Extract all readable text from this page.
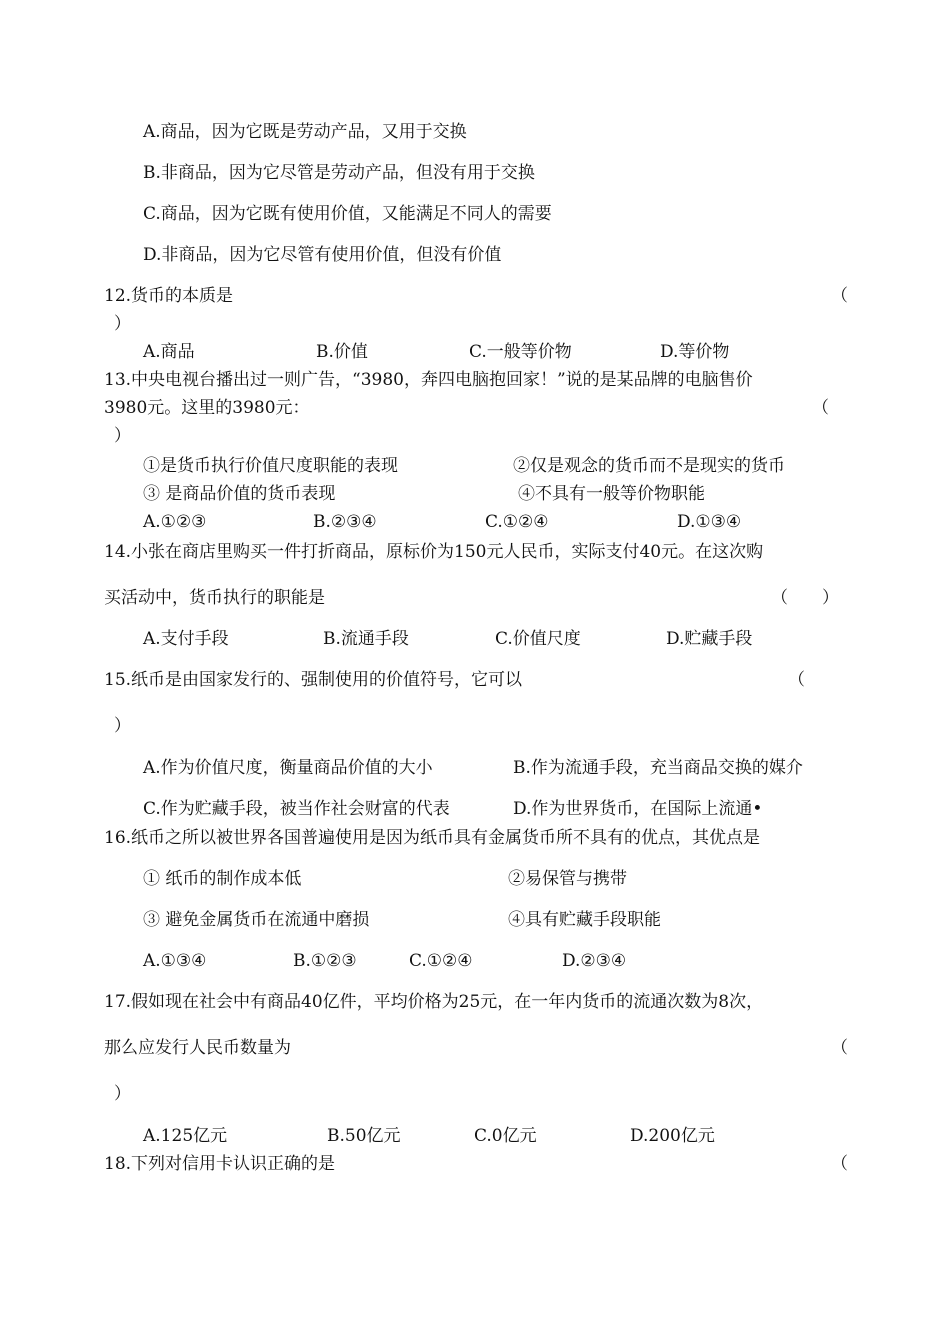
A.商品，因为它既是劳动产品，又用于交换
B.非商品，因为它尽管是劳动产品，但没有用于交换
C.商品，因为它既有使用价值，又能满足不同人的需要
D.非商品，因为它尽管有使用价值，但没有价值
12.货币的本质是	（
）
A.商品	B.价值	C.一般等价物	D.等价物
13.中央电视台播出过一则广告，“3980，奔四电脑抱回家！”说的是某品牌的电脑售价
3980元。这里的3980元：	（
）
①是货币执行价值尺度职能的表现	②仅是观念的货币而不是现实的货币
③ 是商品价值的货币表现	④不具有一般等价物职能
A.①②③	B.②③④	C.①②④	D.①③④
14.小张在商店里购买一件打折商品，原标价为150元人民币，实际支付40元。在这次购
买活动中，货币执行的职能是	（　　）
A.支付手段	B.流通手段	C.价值尺度	D.贮藏手段
15.纸币是由国家发行的、强制使用的价值符号，它可以	（
）
A.作为价值尺度，衡量商品价值的大小	B.作为流通手段，充当商品交换的媒介
C.作为贮藏手段，被当作社会财富的代表	D.作为世界货币，在国际上流通•
16.纸币之所以被世界各国普遍使用是因为纸币具有金属货币所不具有的优点，其优点是
① 纸币的制作成本低	②易保管与携带
③ 避免金属货币在流通中磨损	④具有贮藏手段职能
A.①③④	B.①②③	C.①②④	D.②③④
17.假如现在社会中有商品40亿件，平均价格为25元，在一年内货币的流通次数为8次，
那么应发行人民币数量为	（
）
A.125亿元	B.50亿元	C.0亿元	D.200亿元
18.下列对信用卡认识正确的是	（
